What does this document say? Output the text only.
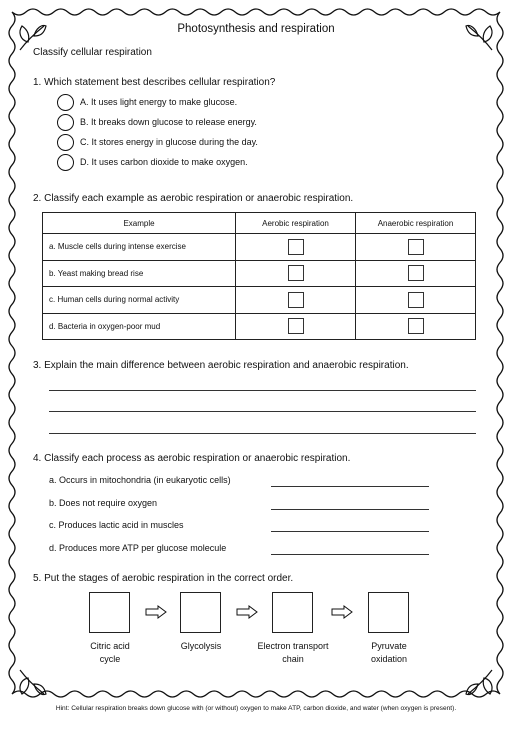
Photosynthesis and respiration
Classify cellular respiration
1. Which statement best describes cellular respiration?
A. It uses light energy to make glucose.
B. It breaks down glucose to release energy.
C. It stores energy in glucose during the day.
D. It uses carbon dioxide to make oxygen.
2. Classify each example as aerobic respiration or anaerobic respiration.
Example	Aerobic respiration	Anaerobic respiration
a. Muscle cells during intense exercise		
b. Yeast making bread rise		
c. Human cells during normal activity		
d. Bacteria in oxygen-poor mud		
3. Explain the main difference between aerobic respiration and anaerobic respiration.
4. Classify each process as aerobic respiration or anaerobic respiration.
a. Occurs in mitochondria (in eukaryotic cells)
b. Does not require oxygen
c. Produces lactic acid in muscles
d. Produces more ATP per glucose molecule
5. Put the stages of aerobic respiration in the correct order.
Citric acid
cycle
Glycolysis	Electron transport
chain
Pyruvate
oxidation
Hint: Cellular respiration breaks down glucose with (or without) oxygen to make ATP, carbon dioxide, and water (when oxygen is present).
